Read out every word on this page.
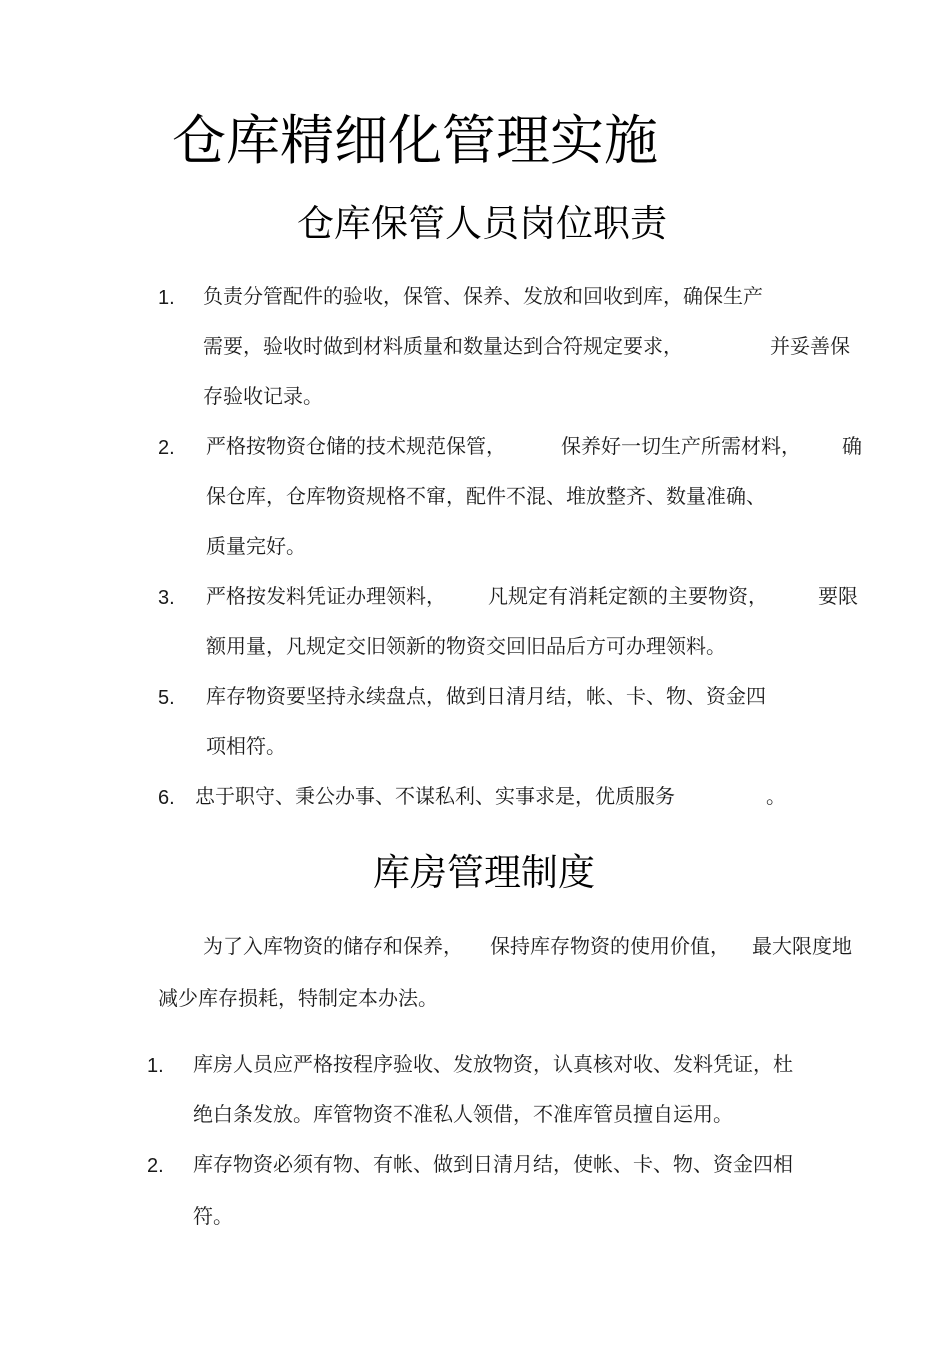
仓库精细化管理实施
仓库保管人员岗位职责
1. 负责分管配件的验收，保管、保养、发放和回收到库，确保生产
需要，验收时做到材料质量和数量达到合符规定要求，	并妥善保
存验收记录。
2. 严格按物资仓储的技术规范保管，	保养好一切生产所需材料， 确
保仓库，仓库物资规格不窜，配件不混、堆放整齐、数量准确、
质量完好。
3. 严格按发料凭证办理领料， 凡规定有消耗定额的主要物资，	要限
额用量，凡规定交旧领新的物资交回旧品后方可办理领料。
5. 库存物资要坚持永续盘点，做到日清月结，帐、卡、物、资金四
项相符。
6. 忠于职守、秉公办事、不谋私利、实事求是，优质服务	。
库房管理制度
为了入库物资的储存和保养， 保持库存物资的使用价值， 最大限度地
减少库存损耗，特制定本办法。
1. 库房人员应严格按程序验收、发放物资，认真核对收、发料凭证，杜
绝白条发放。库管物资不准私人领借，不准库管员擅自运用。
2. 库存物资必须有物、有帐、做到日清月结，使帐、卡、物、资金四相
符。
